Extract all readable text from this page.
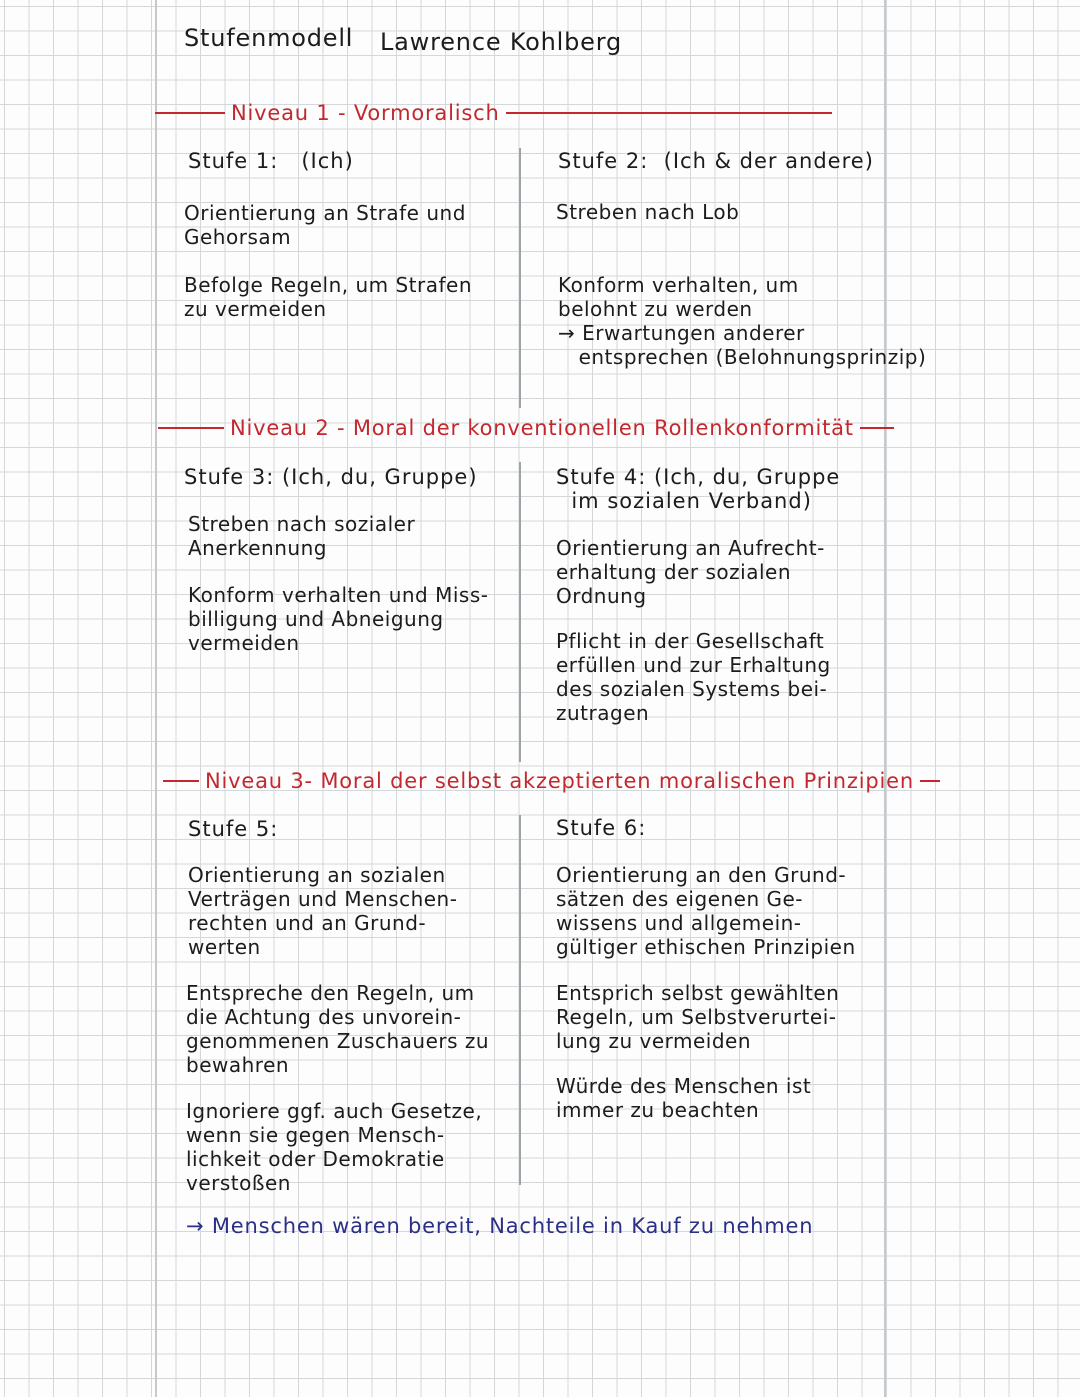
Stufenmodell Lawrence Kohlberg
Niveau 1 - Vormoralisch
Stufe 1:   (Ich)
Orientierung an Strafe und
Gehorsam
Befolge Regeln, um Strafen
zu vermeiden
Stufe 2:  (Ich & der andere)
Streben nach Lob
Konform verhalten, um
belohnt zu werden
→ Erwartungen anderer
entsprechen (Belohnungsprinzip)
Niveau 2 - Moral der konventionellen Rollenkonformität
Stufe 3: (Ich, du, Gruppe)
Streben nach sozialer
Anerkennung
Konform verhalten und Miss-
billigung und Abneigung
vermeiden
Stufe 4: (Ich, du, Gruppe
im sozialen Verband)
Orientierung an Aufrecht-
erhaltung der sozialen
Ordnung
Pflicht in der Gesellschaft
erfüllen und zur Erhaltung
des sozialen Systems bei-
zutragen
Niveau 3- Moral der selbst akzeptierten moralischen Prinzipien
Stufe 5:
Orientierung an sozialen
Verträgen und Menschen-
rechten und an Grund-
werten
Entspreche den Regeln, um
die Achtung des unvorein-
genommenen Zuschauers zu
bewahren
Ignoriere ggf. auch Gesetze,
wenn sie gegen Mensch-
lichkeit oder Demokratie
verstoßen
Stufe 6:
Orientierung an den Grund-
sätzen des eigenen Ge-
wissens und allgemein-
gültiger ethischen Prinzipien
Entsprich selbst gewählten
Regeln, um Selbstverurtei-
lung zu vermeiden
Würde des Menschen ist
immer zu beachten
→ Menschen wären bereit, Nachteile in Kauf zu nehmen
